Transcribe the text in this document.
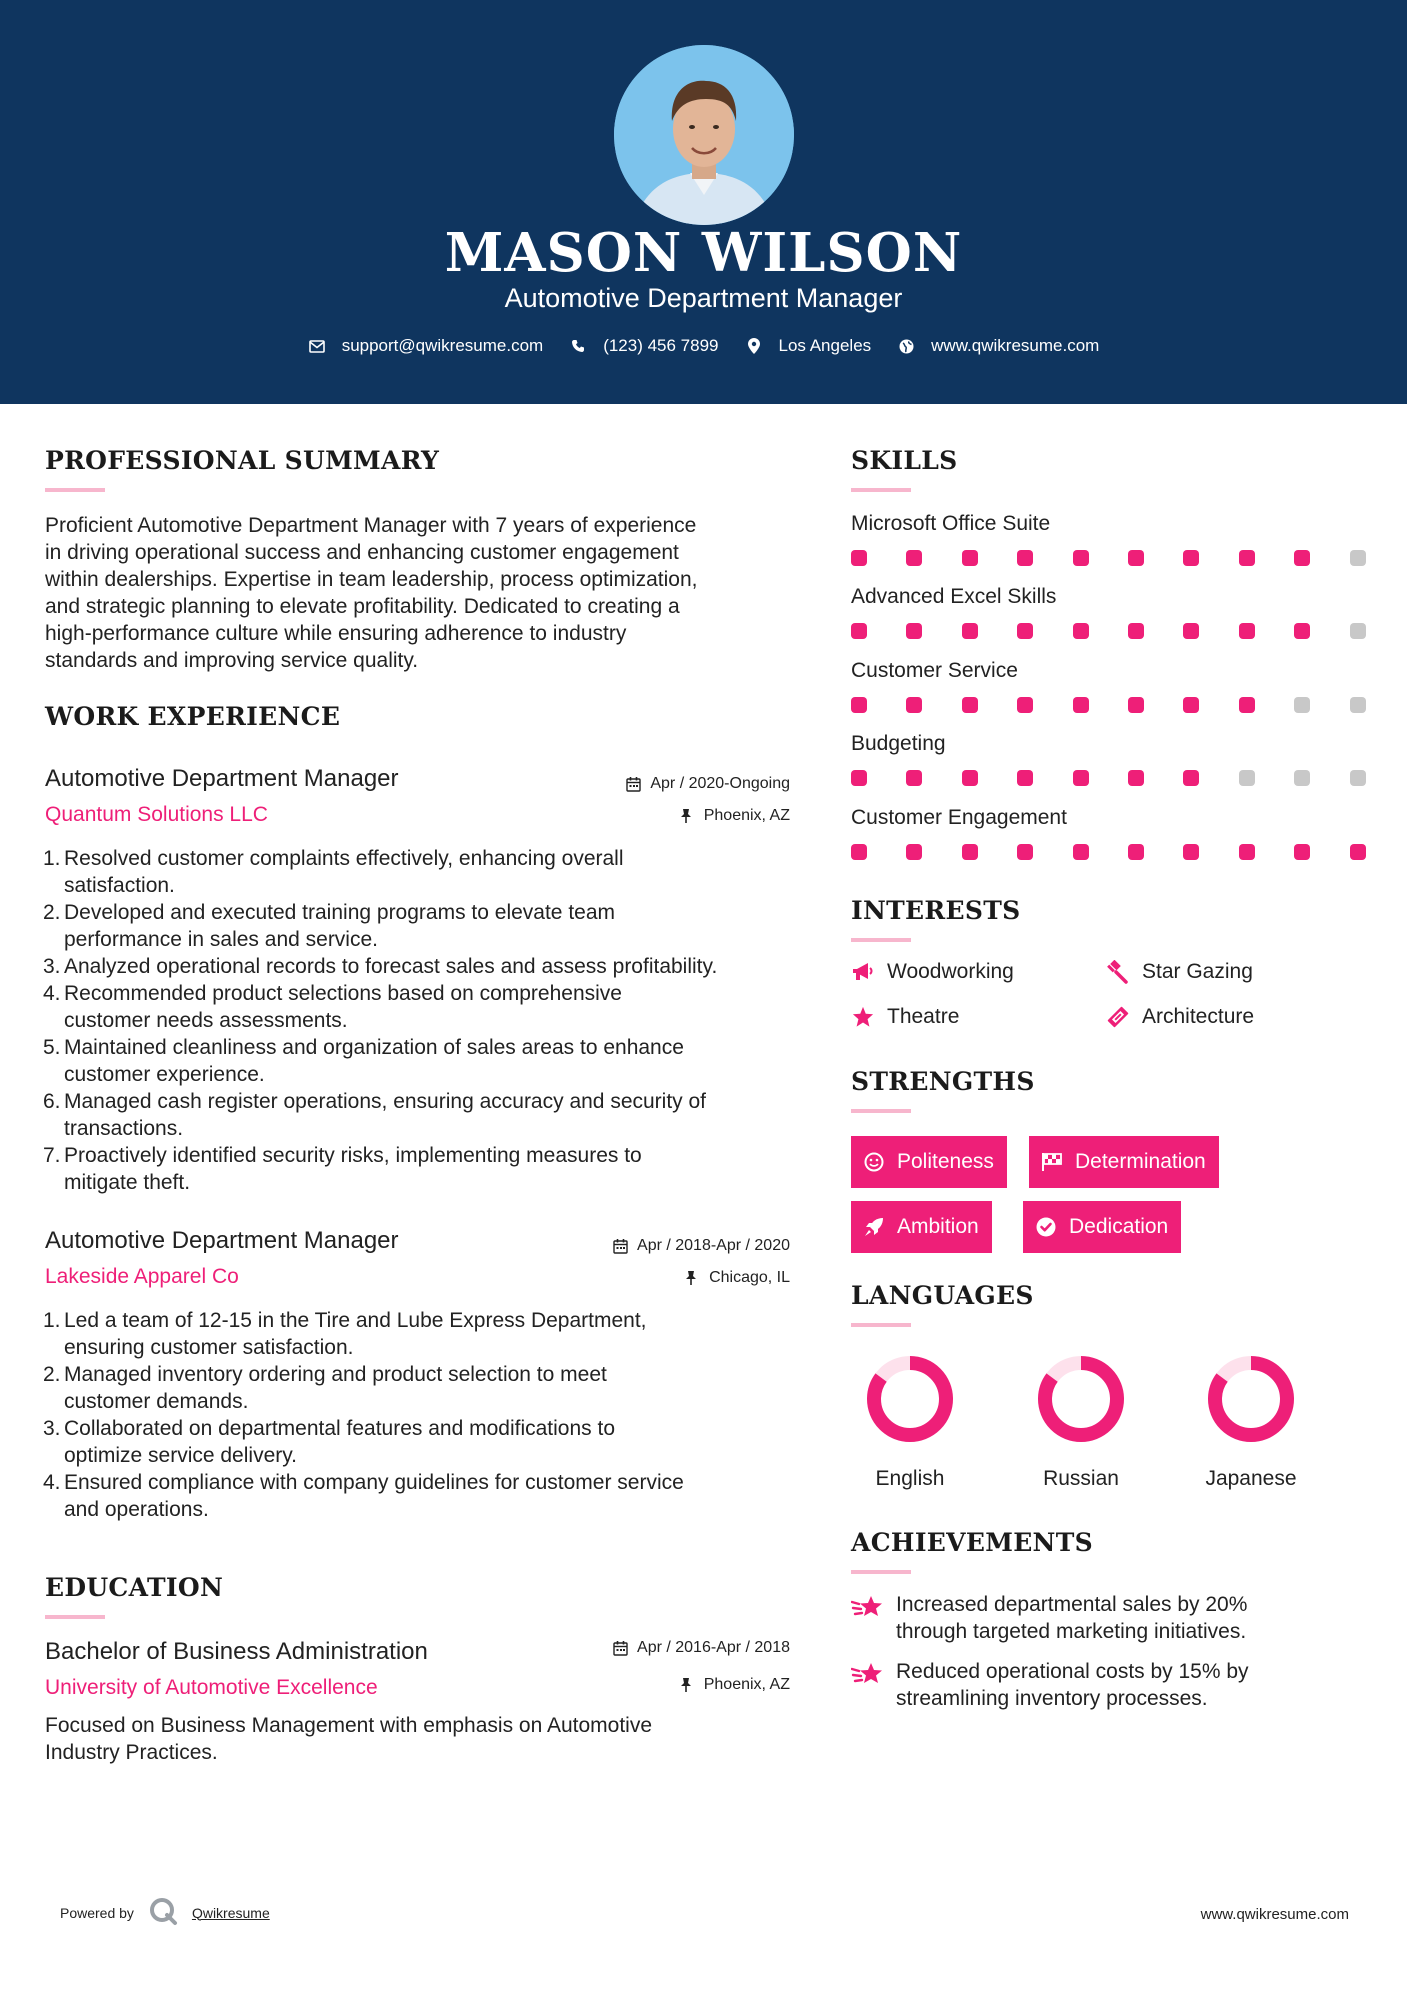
MASON WILSON
Automotive Department Manager
support@qwikresume.com	(123) 456 7899	Los Angeles	www.qwikresume.com
PROFESSIONAL SUMMARY
Proficient Automotive Department Manager with 7 years of experience
in driving operational success and enhancing customer engagement
within dealerships. Expertise in team leadership, process optimization,
and strategic planning to elevate profitability. Dedicated to creating a
high-performance culture while ensuring adherence to industry
standards and improving service quality.
WORK EXPERIENCE
Automotive Department Manager	Apr / 2020-Ongoing
Quantum Solutions LLC	Phoenix, AZ
1. Resolved customer complaints effectively, enhancing overall
satisfaction.
2. Developed and executed training programs to elevate team
performance in sales and service.
3. Analyzed operational records to forecast sales and assess profitability.
4. Recommended product selections based on comprehensive
customer needs assessments.
5. Maintained cleanliness and organization of sales areas to enhance
customer experience.
6. Managed cash register operations, ensuring accuracy and security of
transactions.
7. Proactively identified security risks, implementing measures to
mitigate theft.
Automotive Department Manager	Apr / 2018-Apr / 2020
Lakeside Apparel Co	Chicago, IL
1. Led a team of 12-15 in the Tire and Lube Express Department,
ensuring customer satisfaction.
2. Managed inventory ordering and product selection to meet
customer demands.
3. Collaborated on departmental features and modifications to
optimize service delivery.
4. Ensured compliance with company guidelines for customer service
and operations.
EDUCATION
Bachelor of Business Administration	Apr / 2016-Apr / 2018
University of Automotive Excellence	Phoenix, AZ
Focused on Business Management with emphasis on Automotive
Industry Practices.
SKILLS
Microsoft Office Suite
Advanced Excel Skills
Customer Service
Budgeting
Customer Engagement
INTERESTS
Woodworking	Star Gazing
Theatre	Architecture
STRENGTHS
Politeness	Determination
Ambition	Dedication
LANGUAGES
English	Russian	Japanese
ACHIEVEMENTS
Increased departmental sales by 20%
through targeted marketing initiatives.
Reduced operational costs by 15% by
streamlining inventory processes.
Powered by	Qwikresume	www.qwikresume.com
